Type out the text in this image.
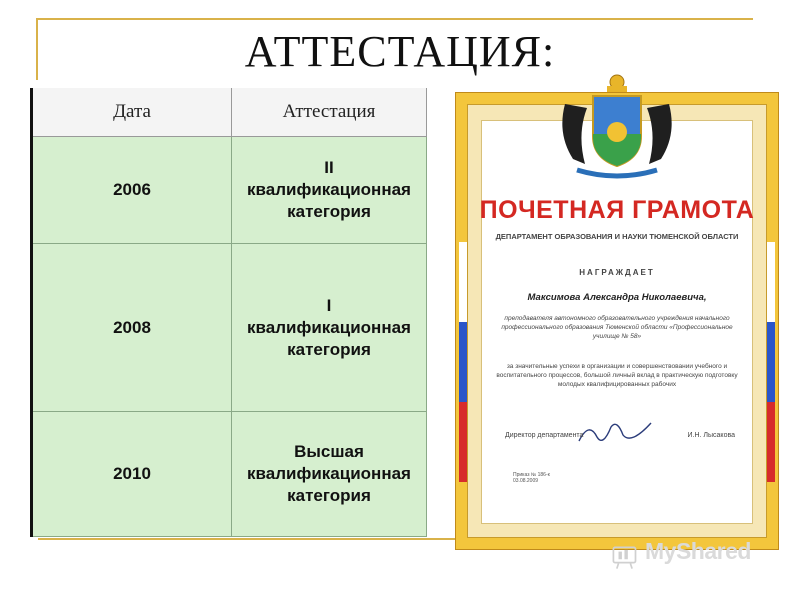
АТТЕСТАЦИЯ:
Дата	Аттестация
2006	II
квалификационная
категория

2008	I
квалификационная
категория

2010	Высшая
квалификационная
категория
ПОЧЕТНАЯ ГРАМОТА
ДЕПАРТАМЕНТ ОБРАЗОВАНИЯ И НАУКИ ТЮМЕНСКОЙ ОБЛАСТИ
НАГРАЖДАЕТ
Максимова Александра Николаевича,
преподавателя автономного образовательного учреждения начального профессионального образования Тюменской области «Профессиональное училище № 58»
за значительные успехи в организации и совершенствовании учебного и воспитательного процессов, большой личный вклад в практическую подготовку молодых квалифицированных рабочих
Директор департамента	И.Н. Лысакова
Приказ № 186-к
03.08.2009
MyShared
